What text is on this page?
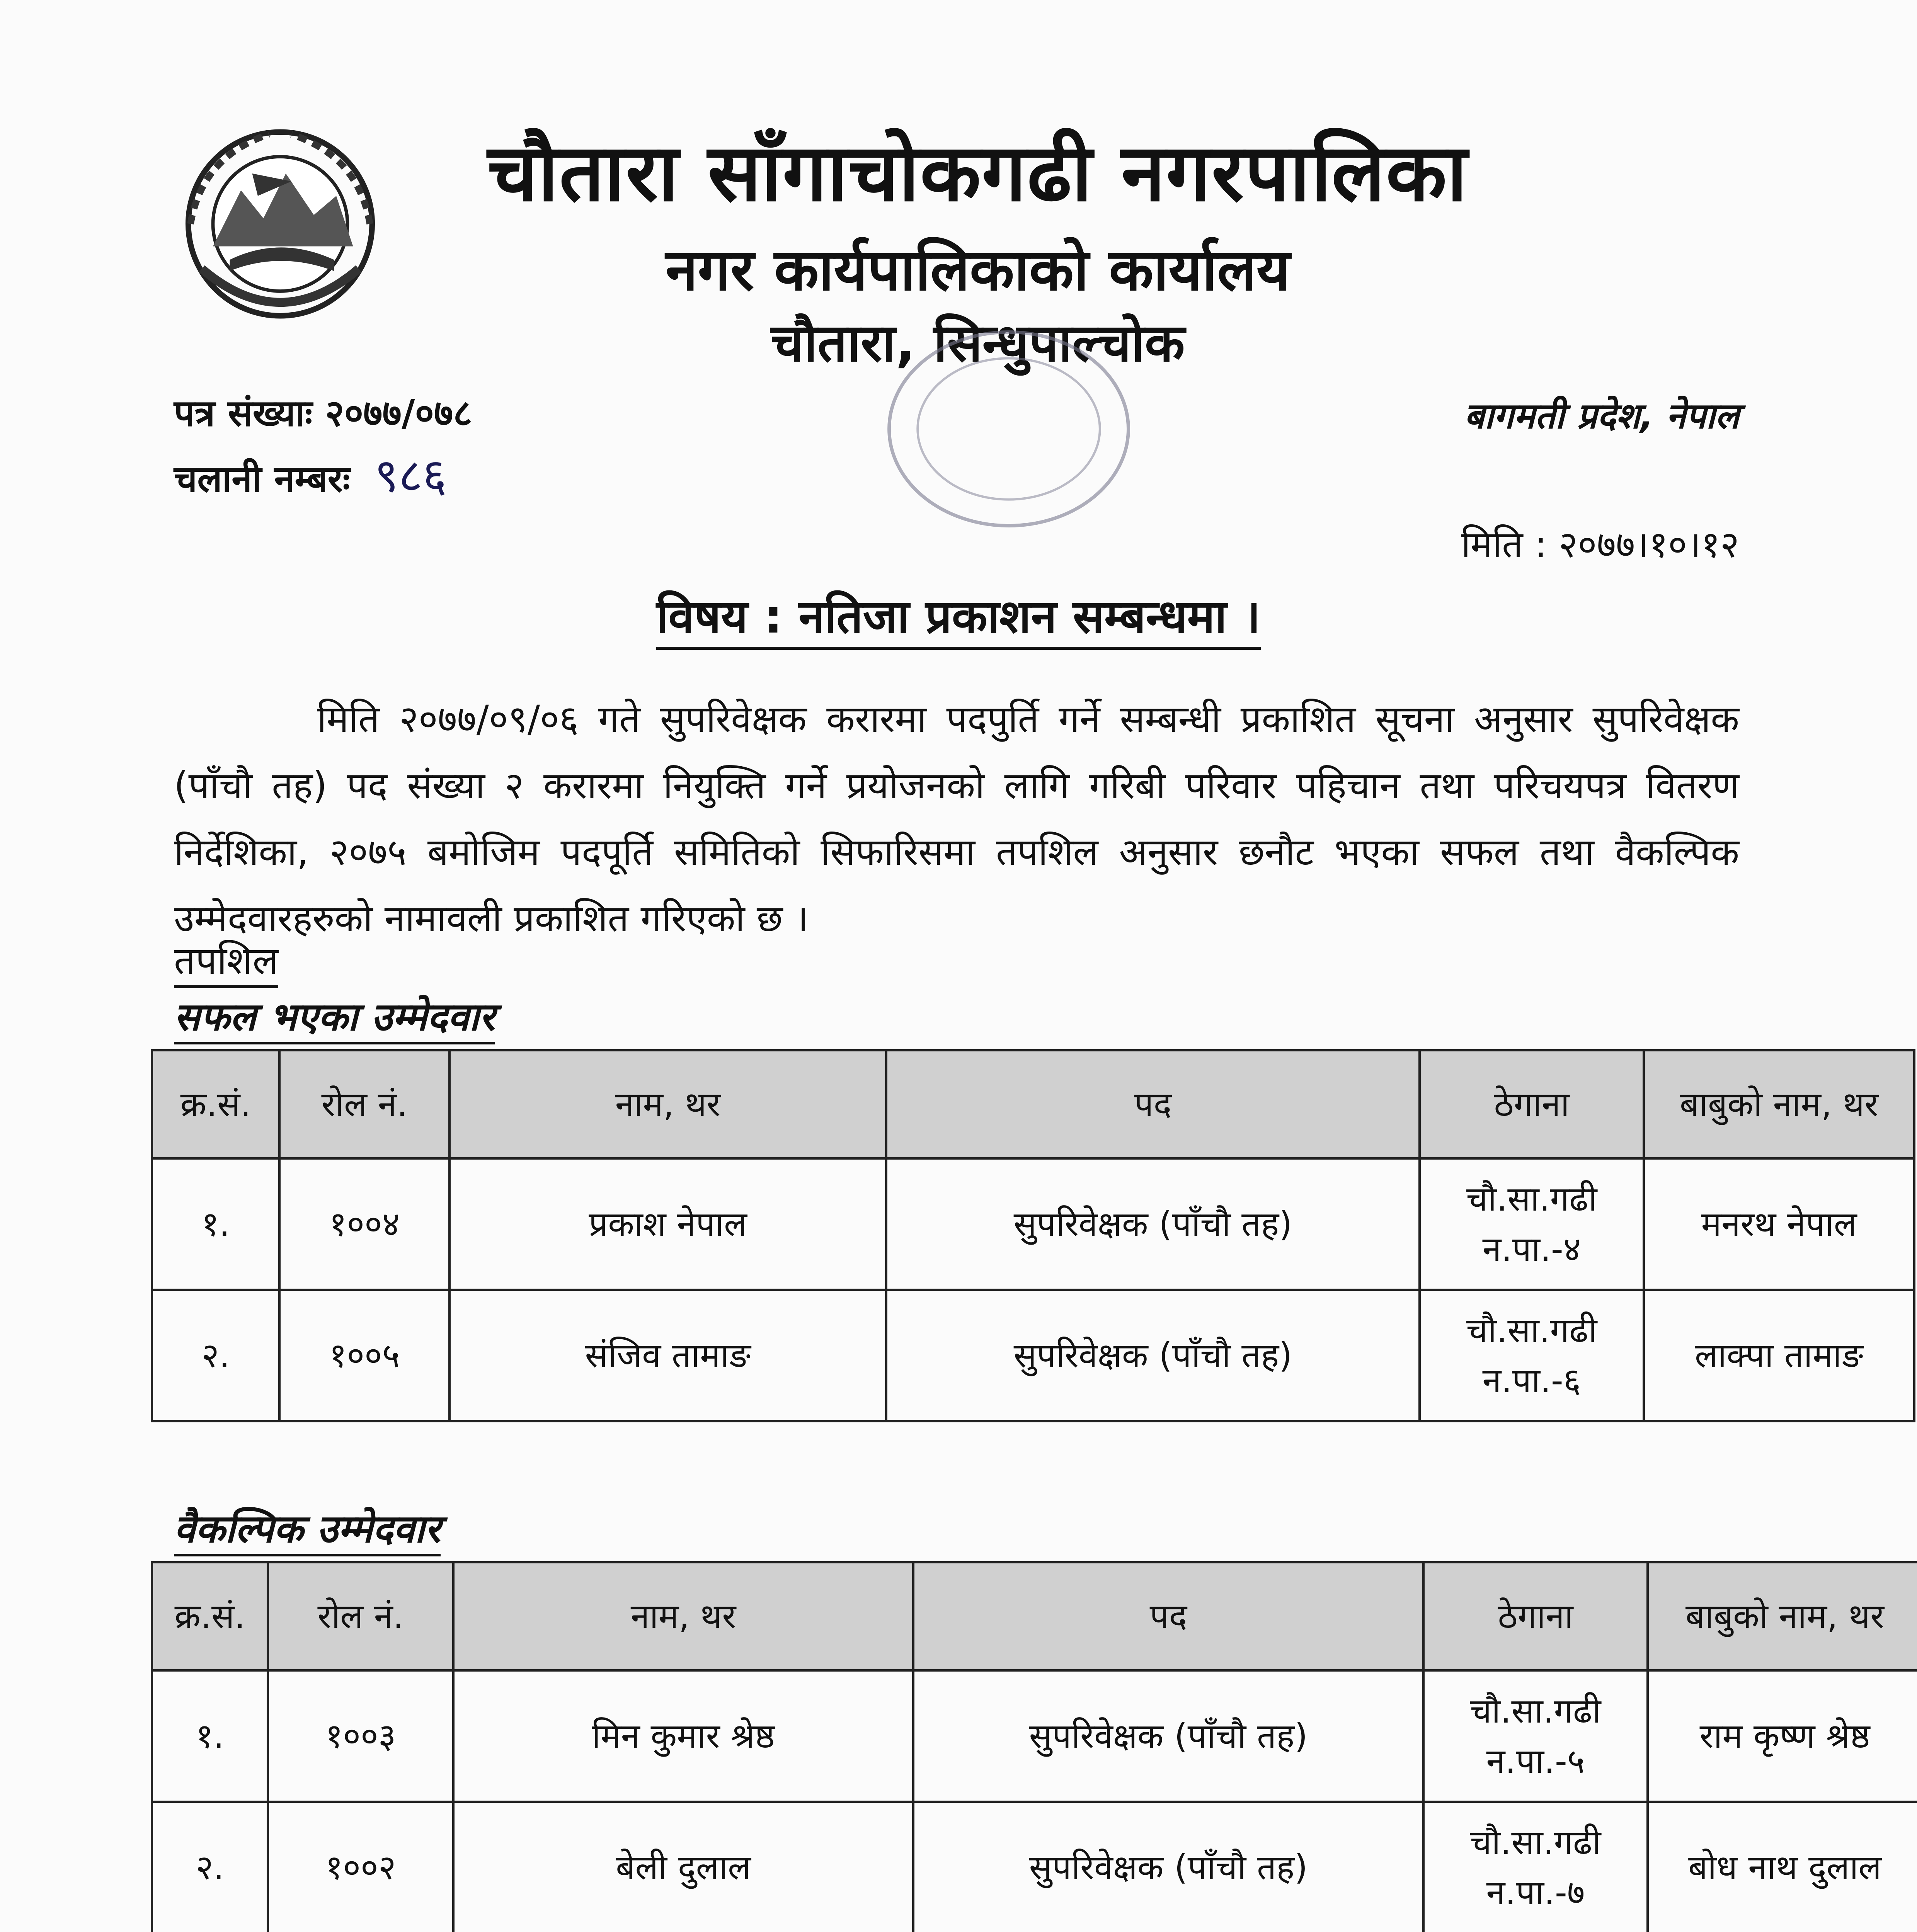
चौतारा साँगाचोकगढी नगरपालिका
नगर कार्यपालिकाको कार्यालय
चौतारा, सिन्धुपाल्चोक
पत्र संख्याः २०७७/०७८
चलानी नम्बरः ९८६
बागमती प्रदेश, नेपाल
मिति : २०७७।१०।१२
विषय : नतिजा प्रकाशन सम्बन्धमा ।
मिति २०७७/०९/०६ गते सुपरिवेक्षक करारमा पदपुर्ति गर्ने सम्बन्धी प्रकाशित सूचना अनुसार सुपरिवेक्षक (पाँचौ तह) पद संख्या २ करारमा नियुक्ति गर्ने प्रयोजनको लागि गरिबी परिवार पहिचान तथा परिचयपत्र वितरण निर्देशिका, २०७५ बमोजिम पदपूर्ति समितिको सिफारिसमा तपशिल अनुसार छनौट भएका सफल तथा वैकल्पिक उम्मेदवारहरुको नामावली प्रकाशित गरिएको छ ।
तपशिल
सफल भएका उम्मेदवार
क्र.सं.	रोल नं.	नाम, थर	पद	ठेगाना	बाबुको नाम, थर
१.	१००४	प्रकाश नेपाल	सुपरिवेक्षक (पाँचौ तह)	चौ.सा.गढी न.पा.-४	मनरथ नेपाल
२.	१००५	संजिव तामाङ	सुपरिवेक्षक (पाँचौ तह)	चौ.सा.गढी न.पा.-६	लाक्पा तामाङ
वैकल्पिक उम्मेदवार
क्र.सं.	रोल नं.	नाम, थर	पद	ठेगाना	बाबुको नाम, थर
१.	१००३	मिन कुमार श्रेष्ठ	सुपरिवेक्षक (पाँचौ तह)	चौ.सा.गढी न.पा.-५	राम कृष्ण श्रेष्ठ
२.	१००२	बेली दुलाल	सुपरिवेक्षक (पाँचौ तह)	चौ.सा.गढी न.पा.-७	बोध नाथ दुलाल
